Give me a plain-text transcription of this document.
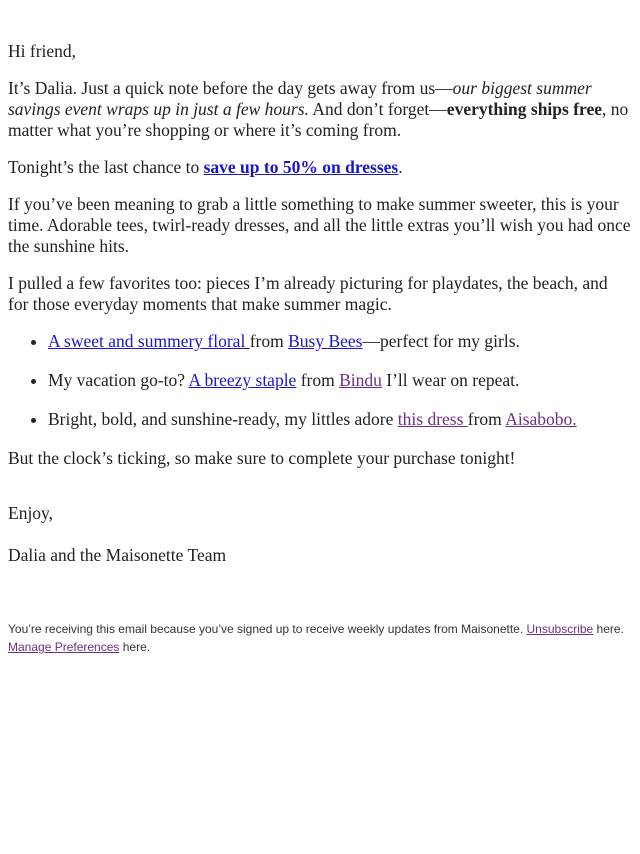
Hi friend,

It’s Dalia. Just a quick note before the day gets away from us—our biggest summer savings event wraps up in just a few hours. And don’t forget—everything ships free, no matter what you’re shopping or where it’s coming from.

Tonight’s the last chance to save up to 50% on dresses.

If you’ve been meaning to grab a little something to make summer sweeter, this is your time. Adorable tees, twirl-ready dresses, and all the little extras you’ll wish you had once the sunshine hits.

I pulled a few favorites too: pieces I’m already picturing for playdates, the beach, and for those everyday moments that make summer magic.

• A sweet and summery floral from Busy Bees—perfect for my girls.
• My vacation go-to? A breezy staple from Bindu I’ll wear on repeat.
• Bright, bold, and sunshine-ready, my littles adore this dress from Aisabobo.

But the clock’s ticking, so make sure to complete your purchase tonight!

Enjoy,

Dalia and the Maisonette Team

You’re receiving this email because you’ve signed up to receive weekly updates from Maisonette. Unsubscribe here. Manage Preferences here.
